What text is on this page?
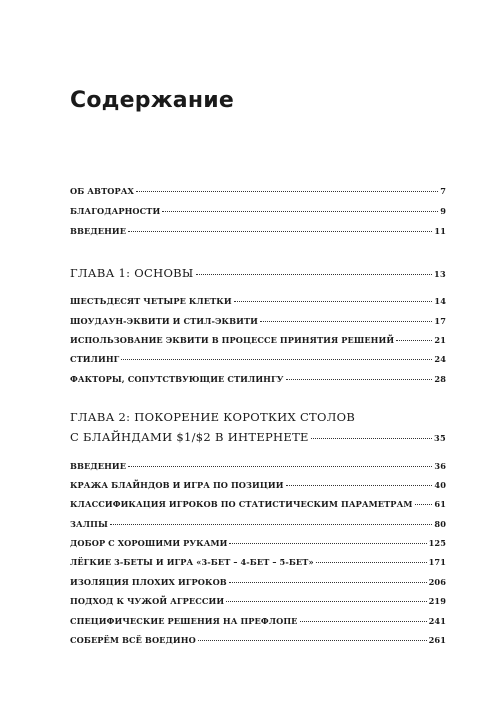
Содержание
ОБ АВТОРАХ	7
БЛАГОДАРНОСТИ	9
ВВЕДЕНИЕ	11
ГЛАВА 1: ОСНОВЫ	13
ШЕСТЬДЕСЯТ ЧЕТЫРЕ КЛЕТКИ	14
ШОУДАУН-ЭКВИТИ И СТИЛ-ЭКВИТИ	17
ИСПОЛЬЗОВАНИЕ ЭКВИТИ В ПРОЦЕССЕ ПРИНЯТИЯ РЕШЕНИЙ	21
СТИЛИНГ	24
ФАКТОРЫ, СОПУТСТВУЮЩИЕ СТИЛИНГУ	28
ГЛАВА 2: ПОКОРЕНИЕ КОРОТКИХ СТОЛОВ
С БЛАЙНДАМИ $1/$2 В ИНТЕРНЕТЕ	35
ВВЕДЕНИЕ	36
КРАЖА БЛАЙНДОВ И ИГРА ПО ПОЗИЦИИ	40
КЛАССИФИКАЦИЯ ИГРОКОВ ПО СТАТИСТИЧЕСКИМ ПАРАМЕТРАМ	61
ЗАЛПЫ	80
ДОБОР С ХОРОШИМИ РУКАМИ	125
ЛЁГКИЕ 3-БЕТЫ И ИГРА «3-БЕТ – 4-БЕТ – 5-БЕТ»	171
ИЗОЛЯЦИЯ ПЛОХИХ ИГРОКОВ	206
ПОДХОД К ЧУЖОЙ АГРЕССИИ	219
СПЕЦИФИЧЕСКИЕ РЕШЕНИЯ НА ПРЕФЛОПЕ	241
СОБЕРЁМ ВСЁ ВОЕДИНО	261
